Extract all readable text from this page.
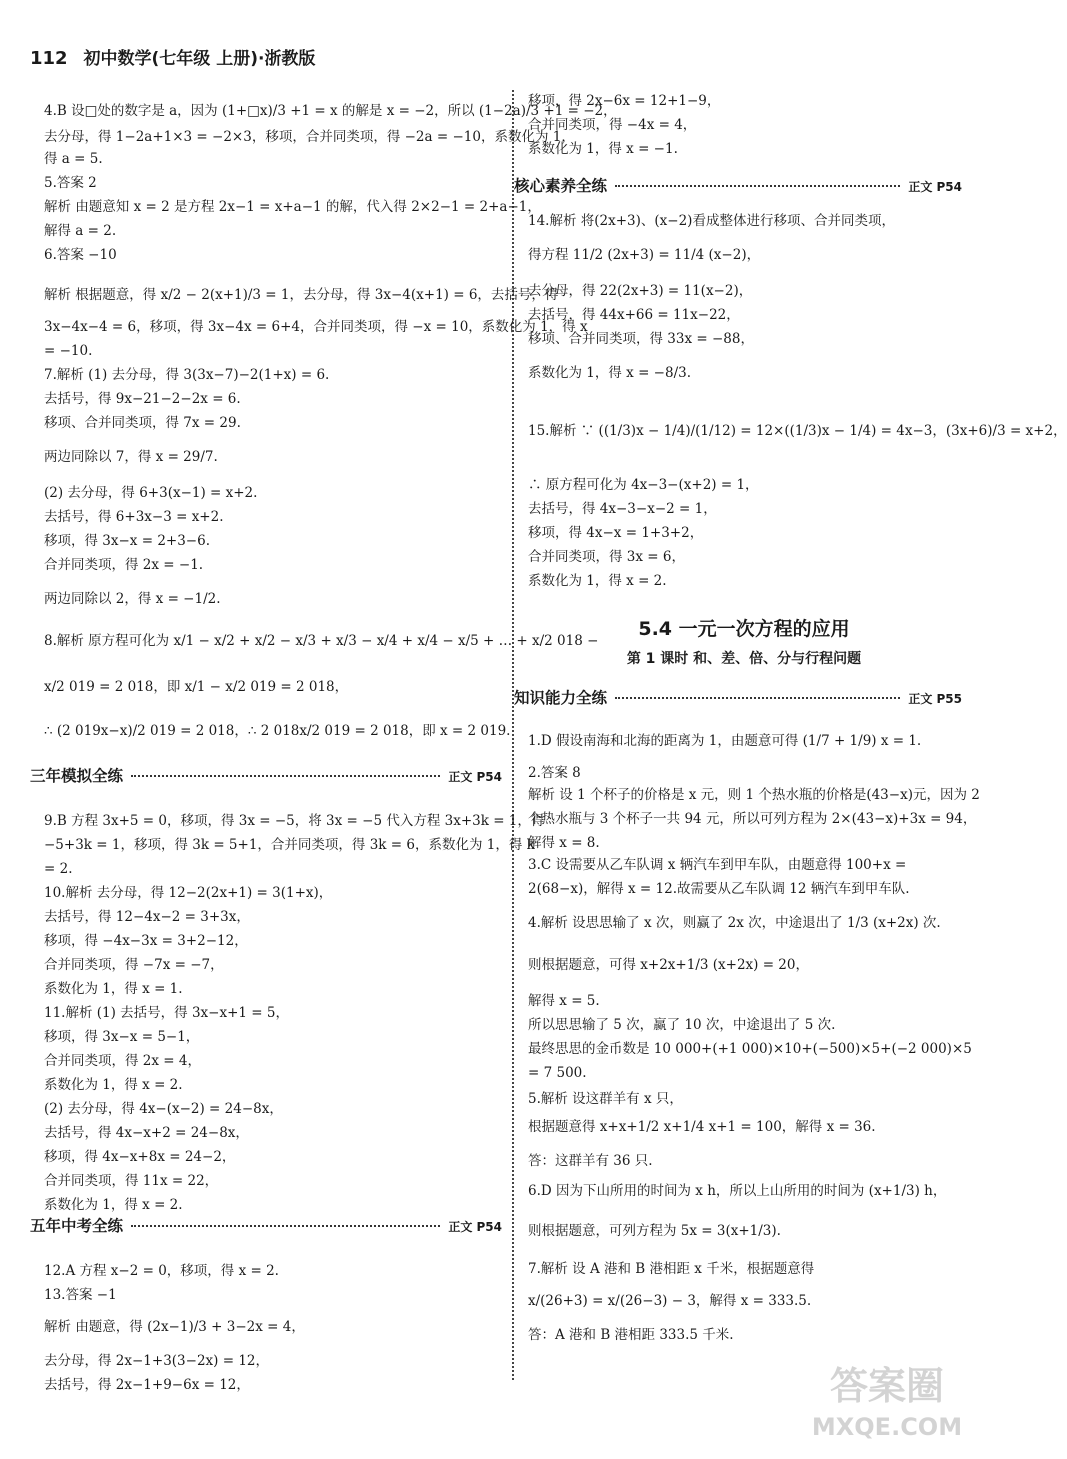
112 初中数学(七年级 上册)·浙教版
4.B 设□处的数字是 a，因为 (1+□x)/3 +1 = x 的解是 x = −2，所以 (1−2a)/3 +1 = −2，
去分母，得 1−2a+1×3 = −2×3，移项，合并同类项，得 −2a = −10，系数化为 1，
得 a = 5.
5.答案 2
解析 由题意知 x = 2 是方程 2x−1 = x+a−1 的解，代入得 2×2−1 = 2+a−1，
解得 a = 2.
6.答案 −10
解析 根据题意，得 x/2 − 2(x+1)/3 = 1，去分母，得 3x−4(x+1) = 6，去括号，得
3x−4x−4 = 6，移项，得 3x−4x = 6+4，合并同类项，得 −x = 10，系数化为 1，得 x
= −10.
7.解析 (1) 去分母，得 3(3x−7)−2(1+x) = 6.
去括号，得 9x−21−2−2x = 6.
移项、合并同类项，得 7x = 29.
两边同除以 7，得 x = 29/7.
(2) 去分母，得 6+3(x−1) = x+2.
去括号，得 6+3x−3 = x+2.
移项，得 3x−x = 2+3−6.
合并同类项，得 2x = −1.
两边同除以 2，得 x = −1/2.
8.解析 原方程可化为 x/1 − x/2 + x/2 − x/3 + x/3 − x/4 + x/4 − x/5 + … + x/2 018 −
x/2 019 = 2 018，即 x/1 − x/2 019 = 2 018，
∴ (2 019x−x)/2 019 = 2 018，∴ 2 018x/2 019 = 2 018，即 x = 2 019.
9.B 方程 3x+5 = 0，移项，得 3x = −5，将 3x = −5 代入方程 3x+3k = 1，得
−5+3k = 1，移项，得 3k = 5+1，合并同类项，得 3k = 6，系数化为 1，得 k
= 2.
10.解析 去分母，得 12−2(2x+1) = 3(1+x)，
去括号，得 12−4x−2 = 3+3x，
移项，得 −4x−3x = 3+2−12，
合并同类项，得 −7x = −7，
系数化为 1，得 x = 1.
11.解析 (1) 去括号，得 3x−x+1 = 5，
移项，得 3x−x = 5−1，
合并同类项，得 2x = 4，
系数化为 1，得 x = 2.
(2) 去分母，得 4x−(x−2) = 24−8x，
去括号，得 4x−x+2 = 24−8x，
移项，得 4x−x+8x = 24−2，
合并同类项，得 11x = 22，
系数化为 1，得 x = 2.
12.A 方程 x−2 = 0，移项，得 x = 2.
13.答案 −1
解析 由题意，得 (2x−1)/3 + 3−2x = 4，
去分母，得 2x−1+3(3−2x) = 12，
去括号，得 2x−1+9−6x = 12，
三年模拟全练	正文 P54
五年中考全练	正文 P54
5.4 一元一次方程的应用
第 1 课时 和、差、倍、分与行程问题
移项，得 2x−6x = 12+1−9，
合并同类项，得 −4x = 4，
系数化为 1，得 x = −1.
14.解析 将(2x+3)、(x−2)看成整体进行移项、合并同类项，
得方程 11/2 (2x+3) = 11/4 (x−2)，
去分母，得 22(2x+3) = 11(x−2)，
去括号，得 44x+66 = 11x−22，
移项、合并同类项，得 33x = −88，
系数化为 1，得 x = −8/3.
15.解析 ∵ ((1/3)x − 1/4)/(1/12) = 12×((1/3)x − 1/4) = 4x−3，(3x+6)/3 = x+2，
∴ 原方程可化为 4x−3−(x+2) = 1，
去括号，得 4x−3−x−2 = 1，
移项，得 4x−x = 1+3+2，
合并同类项，得 3x = 6，
系数化为 1，得 x = 2.
1.D 假设南海和北海的距离为 1，由题意可得 (1/7 + 1/9) x = 1.
2.答案 8
解析 设 1 个杯子的价格是 x 元，则 1 个热水瓶的价格是(43−x)元，因为 2
个热水瓶与 3 个杯子一共 94 元，所以可列方程为 2×(43−x)+3x = 94，
解得 x = 8.
3.C 设需要从乙车队调 x 辆汽车到甲车队，由题意得 100+x =
2(68−x)，解得 x = 12.故需要从乙车队调 12 辆汽车到甲车队.
4.解析 设思思输了 x 次，则赢了 2x 次，中途退出了 1/3 (x+2x) 次.
则根据题意，可得 x+2x+1/3 (x+2x) = 20，
解得 x = 5.
所以思思输了 5 次，赢了 10 次，中途退出了 5 次.
最终思思的金币数是 10 000+(+1 000)×10+(−500)×5+(−2 000)×5
= 7 500.
5.解析 设这群羊有 x 只，
根据题意得 x+x+1/2 x+1/4 x+1 = 100，解得 x = 36.
答：这群羊有 36 只.
6.D 因为下山所用的时间为 x h，所以上山所用的时间为 (x+1/3) h，
则根据题意，可列方程为 5x = 3(x+1/3).
7.解析 设 A 港和 B 港相距 x 千米，根据题意得
x/(26+3) = x/(26−3) − 3，解得 x = 333.5.
答：A 港和 B 港相距 333.5 千米.
核心素养全练	正文 P54
知识能力全练	正文 P55
答案圈
MXQE.COM
